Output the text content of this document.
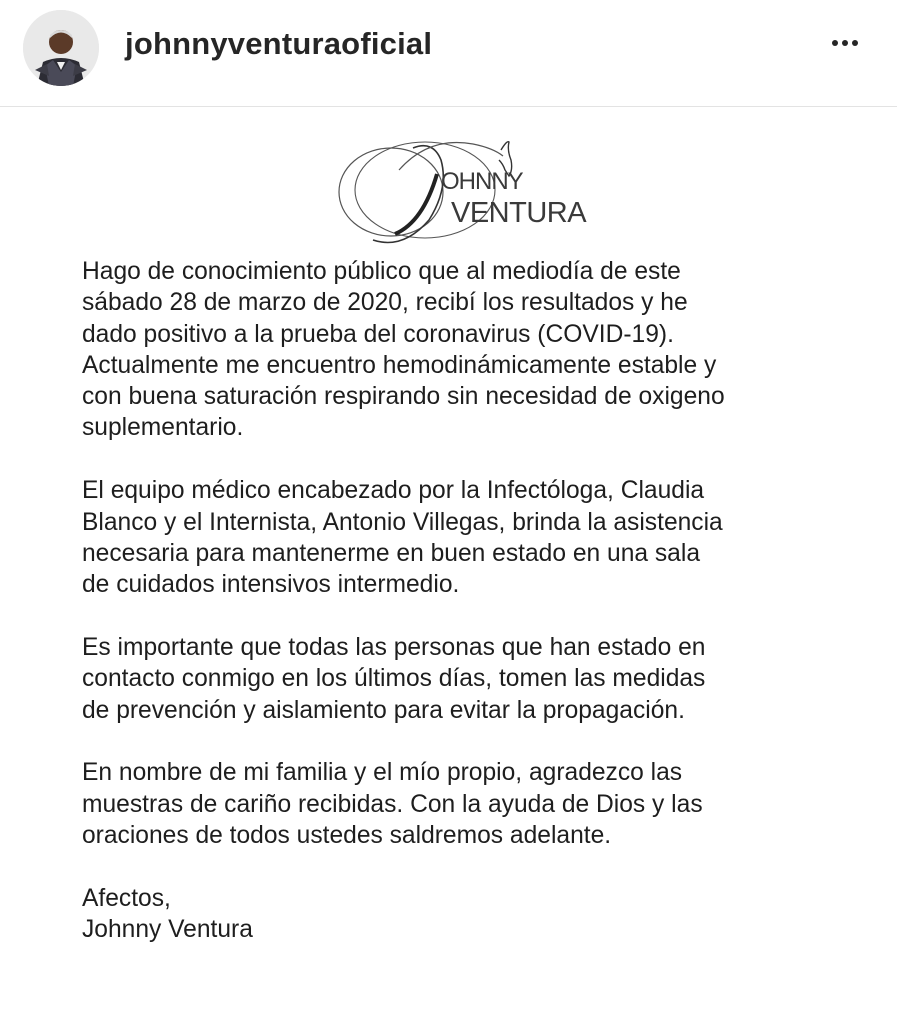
johnnyventuraoficial
OHNNY
VENTURA

Hago de conocimiento público que al mediodía de este
sábado 28 de marzo de 2020, recibí los resultados y he
dado positivo a la prueba del coronavirus (COVID-19).
Actualmente me encuentro hemodinámicamente estable y
con buena saturación respirando sin necesidad de oxigeno
suplementario.

El equipo médico encabezado por la Infectóloga, Claudia
Blanco y el Internista, Antonio Villegas, brinda la asistencia
necesaria para mantenerme en buen estado en una sala
de cuidados intensivos intermedio.

Es importante que todas las personas que han estado en
contacto conmigo en los últimos días, tomen las medidas
de prevención y aislamiento para evitar la propagación.

En nombre de mi familia y el mío propio, agradezco las
muestras de cariño recibidas. Con la ayuda de Dios y las
oraciones de todos ustedes saldremos adelante.

Afectos,
Johnny Ventura
